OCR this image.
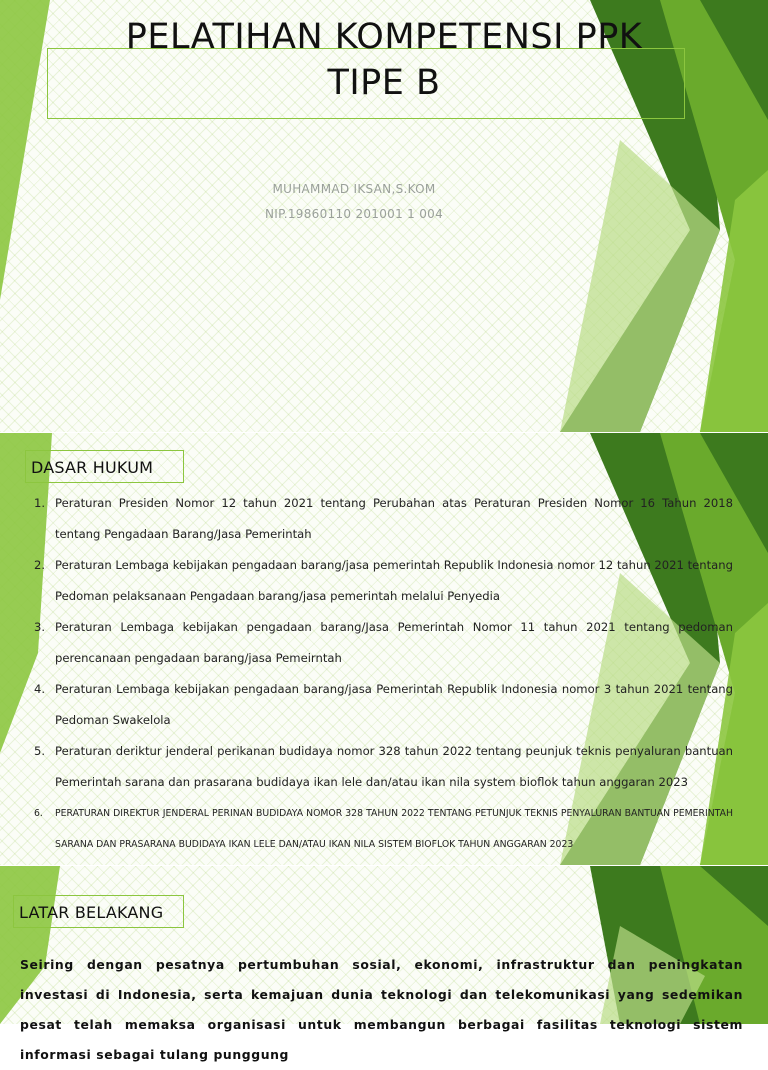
PELATIHAN KOMPETENSI PPK
TIPE B
MUHAMMAD IKSAN,S.KOM
NIP.19860110 201001 1 004
DASAR HUKUM
1. Peraturan Presiden Nomor 12 tahun 2021 tentang Perubahan atas Peraturan Presiden Nomor 16 Tahun 2018 tentang Pengadaan Barang/Jasa Pemerintah
2. Peraturan Lembaga kebijakan pengadaan barang/jasa pemerintah Republik Indonesia nomor 12 tahun 2021 tentang Pedoman pelaksanaan Pengadaan barang/jasa pemerintah melalui Penyedia
3. Peraturan Lembaga kebijakan pengadaan barang/Jasa Pemerintah Nomor 11 tahun 2021 tentang pedoman perencanaan pengadaan barang/jasa Pemeirntah
4. Peraturan Lembaga kebijakan pengadaan barang/jasa Pemerintah Republik Indonesia nomor 3 tahun 2021 tentang Pedoman Swakelola
5. Peraturan deriktur jenderal perikanan budidaya nomor 328 tahun 2022 tentang peunjuk teknis penyaluran bantuan Pemerintah sarana dan prasarana budidaya ikan lele dan/atau ikan nila system bioflok tahun anggaran 2023
6. PERATURAN DIREKTUR JENDERAL PERINAN BUDIDAYA NOMOR 328 TAHUN 2022 TENTANG PETUNJUK TEKNIS PENYALURAN BANTUAN PEMERINTAH SARANA DAN PRASARANA BUDIDAYA IKAN LELE DAN/ATAU IKAN NILA SISTEM BIOFLOK TAHUN ANGGARAN 2023
LATAR BELAKANG

Seiring dengan pesatnya pertumbuhan sosial, ekonomi, infrastruktur dan peningkatan investasi di Indonesia, serta kemajuan dunia teknologi dan telekomunikasi yang sedemikan pesat telah memaksa organisasi untuk membangun berbagai fasilitas teknologi sistem informasi sebagai tulang punggung
